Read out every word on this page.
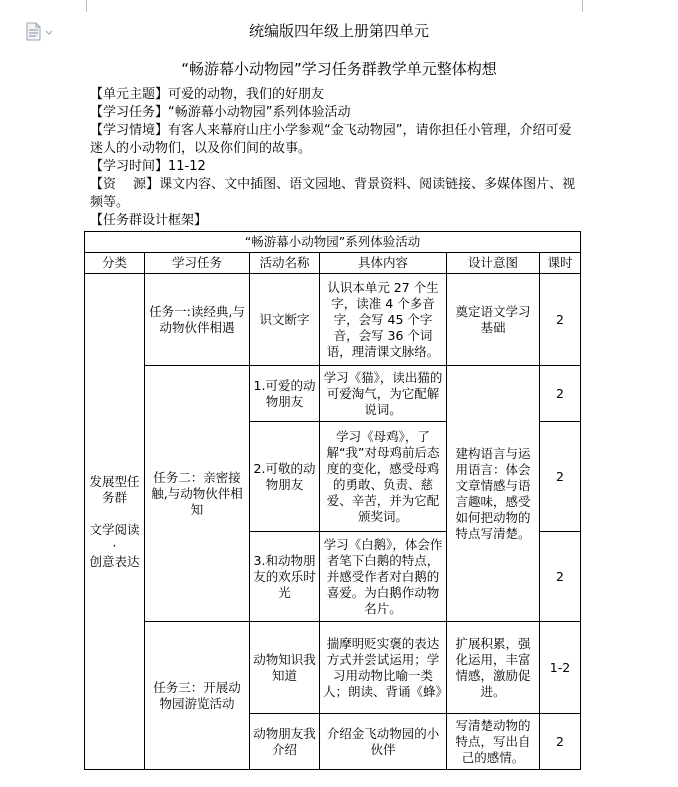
统编版四年级上册第四单元
“畅游幕小动物园”学习任务群教学单元整体构想
【单元主题】可爱的动物，我们的好朋友
【学习任务】“畅游幕小动物园”系列体验活动
【学习情境】有客人来幕府山庄小学参观“金飞动物园”，请你担任小管理，介绍可爱迷人的小动物们，以及你们间的故事。
【学习时间】11-12
【资　 源】课文内容、文中插图、语文园地、背景资料、阅读链接、多媒体图片、视频等。
【任务群设计框架】
“畅游幕小动物园”系列体验活动					
分类	学习任务	活动名称	具体内容	设计意图	课时

发展型任务群

文学阅读
·
创意表达	任务一:读经典,与动物伙伴相遇	识文断字	认识本单元 27 个生字，读准 4 个多音字，会写 45 个字音，会写 36 个词语，理清课文脉络。	奠定语文学习基础	2
	任务二：亲密接触,与动物伙伴相知	1.可爱的动物朋友	学习《猫》，读出猫的可爱淘气，为它配解说词。	建构语言与运用语言：体会文章情感与语言趣味，感受如何把动物的特点写清楚。	2
		2.可敬的动物朋友	学习《母鸡》，了解“我”对母鸡前后态度的变化，感受母鸡的勇敢、负责、慈爱、辛苦，并为它配颁奖词。		2
		3.和动物朋友的欢乐时光	学习《白鹅》，体会作者笔下白鹅的特点，并感受作者对白鹅的喜爱。为白鹅作动物名片。		2
	任务三：开展动物园游览活动	动物知识我知道	揣摩明贬实褒的表达方式并尝试运用；学习用动物比喻一类人；朗读、背诵《蜂》	扩展积累，强化运用，丰富情感，激励促进。	1-2
		动物朋友我介绍	介绍金飞动物园的小伙伴	写清楚动物的特点，写出自己的感情。	2
